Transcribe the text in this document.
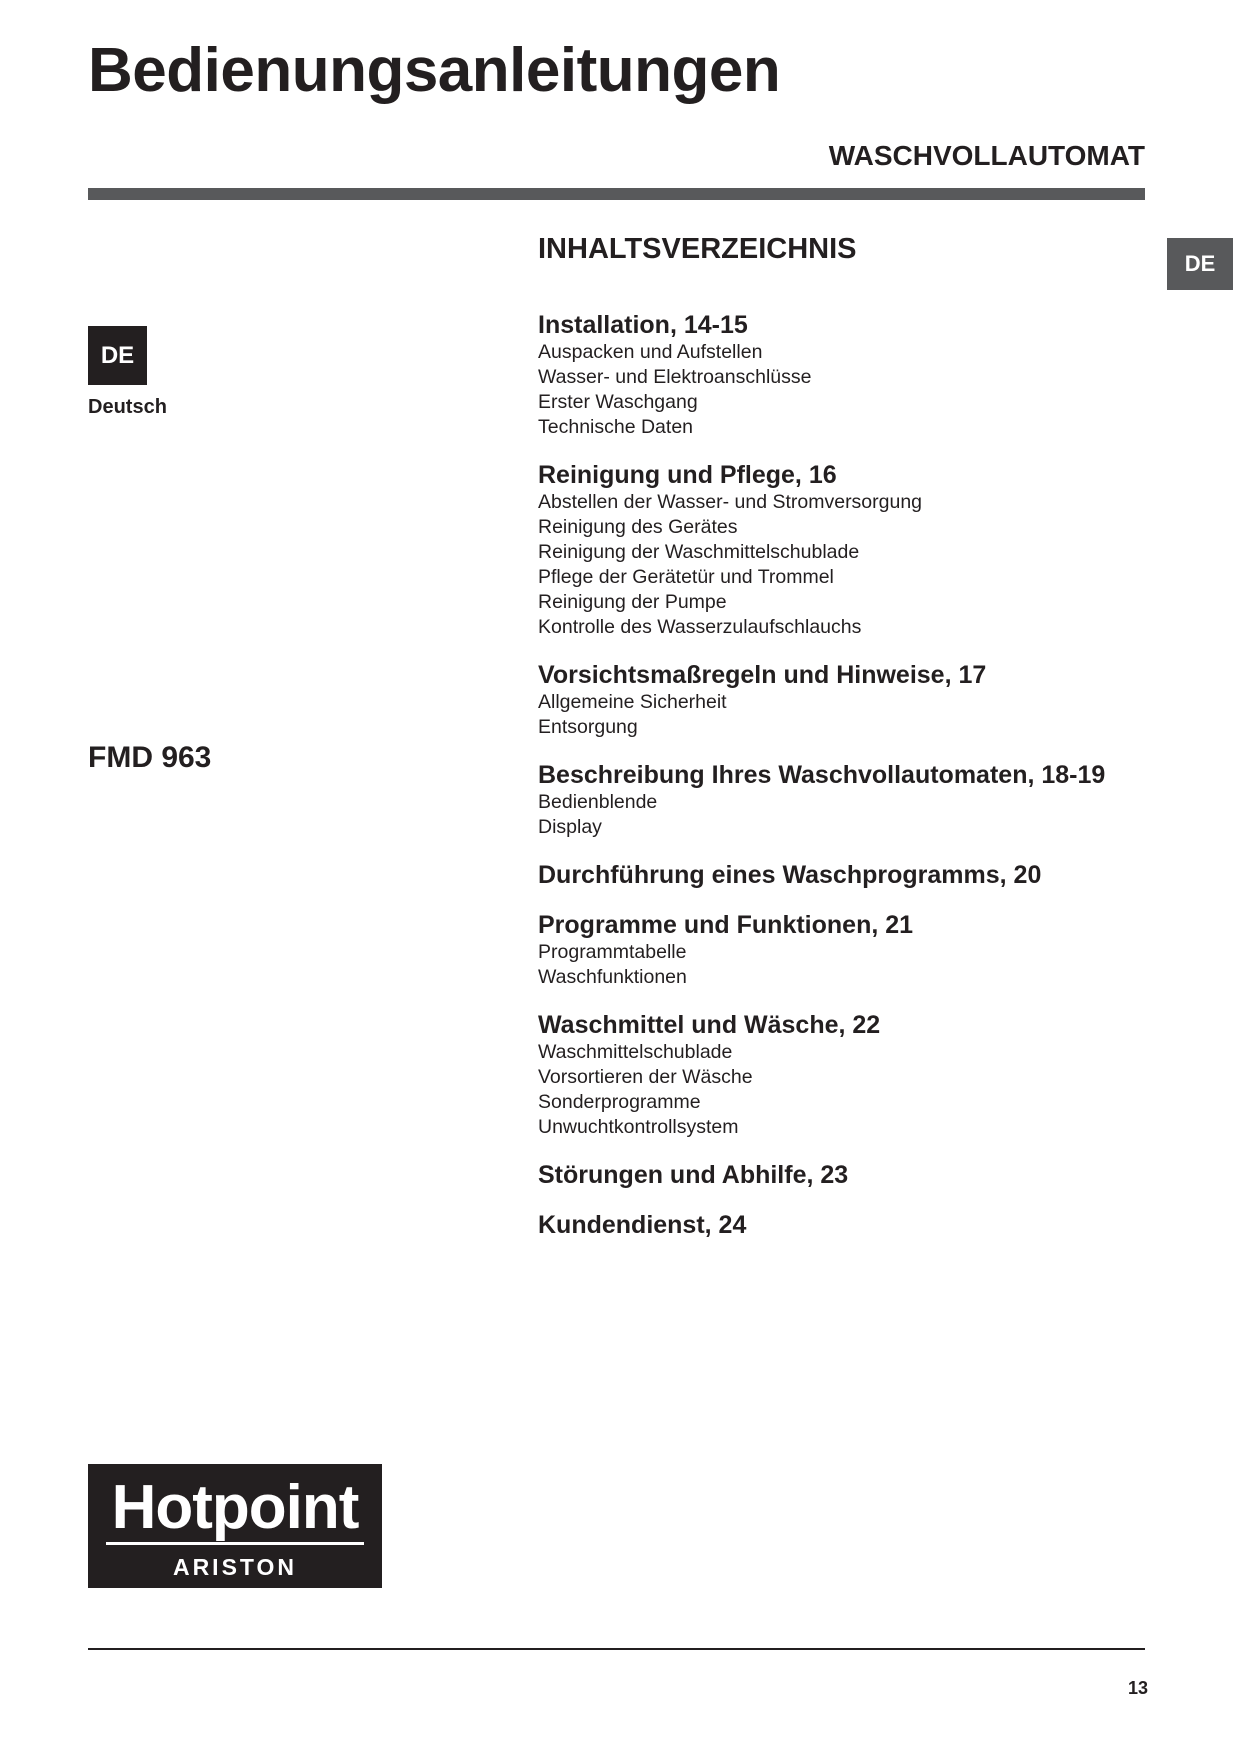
Bedienungsanleitungen
WASCHVOLLAUTOMAT
DE
DE
Deutsch
FMD 963
INHALTSVERZEICHNIS
Installation, 14-15
Auspacken und Aufstellen
Wasser- und Elektroanschlüsse
Erster Waschgang
Technische Daten
Reinigung und Pflege, 16
Abstellen der Wasser- und Stromversorgung
Reinigung des Gerätes
Reinigung der Waschmittelschublade
Pflege der Gerätetür und Trommel
Reinigung der Pumpe
Kontrolle des Wasserzulaufschlauchs
Vorsichtsmaßregeln und Hinweise, 17
Allgemeine Sicherheit
Entsorgung
Beschreibung Ihres Waschvollautomaten, 18-19
Bedienblende
Display
Durchführung eines Waschprogramms, 20
Programme und Funktionen, 21
Programmtabelle
Waschfunktionen
Waschmittel und Wäsche, 22
Waschmittelschublade
Vorsortieren der Wäsche
Sonderprogramme
Unwuchtkontrollsystem
Störungen und Abhilfe, 23
Kundendienst, 24
Hotpoint
ARISTON
13
